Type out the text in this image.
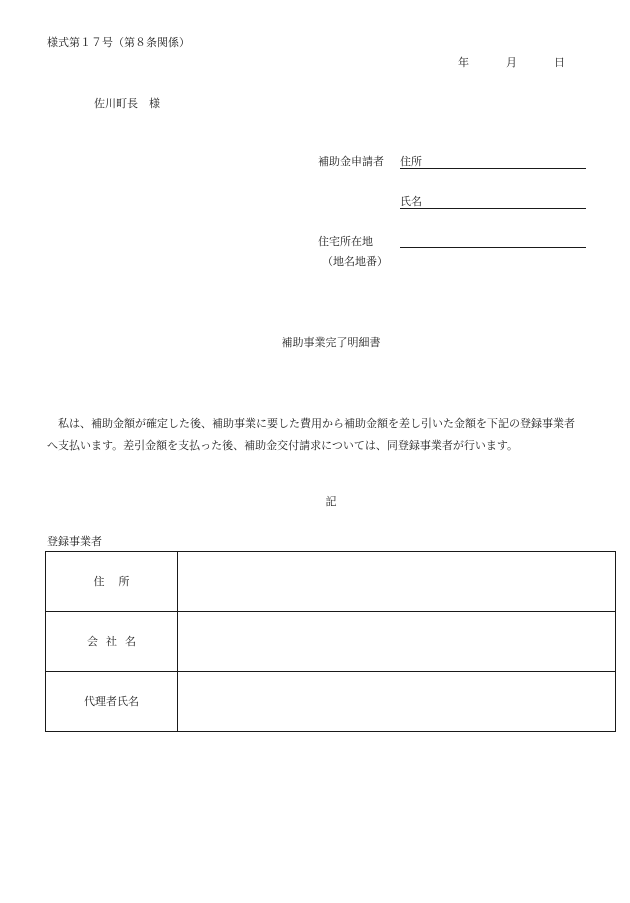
様式第１７号（第８条関係）
年	月	日
佐川町長　様
補助金申請者 住所
氏名
住宅所在地
（地名地番）
補助事業完了明細書
私は、補助金額が確定した後、補助事業に要した費用から補助金額を差し引いた金額を下記の登録事業者
へ支払います。差引金額を支払った後、補助金交付請求については、同登録事業者が行います。
記
登録事業者
住所	
会社名	
代理者氏名	
